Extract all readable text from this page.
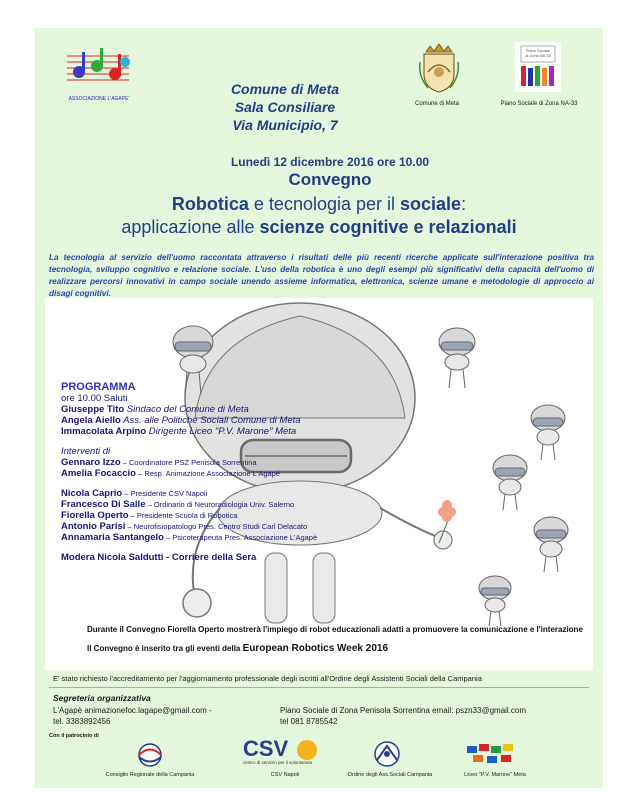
ASSOCIAZIONE L'AGAPE'
Comune di Meta
Sala Consiliare
Via Municipio, 7
Comune di Meta
Piano Sociale
di Zona NA 33
Piano Sociale di Zona NA-33
Lunedì 12 dicembre 2016 ore 10.00
Convegno
Robotica e tecnologia per il sociale:
applicazione alle scienze cognitive e relazionali
La tecnologia al servizio dell'uomo raccontata attraverso i risultati delle più recenti ricerche applicate sull'interazione positiva tra tecnologia, sviluppo cognitivo e relazione sociale. L'uso della robotica è uno degli esempi più significativi della capacità dell'uomo di realizzare percorsi innovativi in campo sociale unendo assieme informatica, elettronica, scienze umane e metodologie di approccio ai disagi cognitivi.
PROGRAMMA
ore 10.00 Saluti
Giuseppe Tito Sindaco del Comune di Meta
Angela Aiello Ass. alle Politiche Sociali Comune di Meta
Immacolata Arpino Dirigente Liceo "P.V. Marone" Meta
Interventi di
Gennaro Izzo – Coordinatore PSZ Penisola Sorrentina
Amelia Focaccio – Resp. Animazione Associazione L'Agapè
Nicola Caprio – Presidente CSV Napoli
Francesco Di Salle – Ordinario di Neuroradiologia Univ. Salerno
Fiorella Operto – Presidente Scuola di Robotica
Antonio Parisi – Neurofisiopatologo Pres. Centro Studi Carl Delacato
Annamaria Santangelo – Psicoterapeuta Pres. Associazione L'Agapè
Modera Nicola Saldutti - Corriere della Sera
Durante il Convegno Fiorella Operto mostrerà l'impiego di robot educazionali adatti a promuovere la comunicazione e l'interazione
Il Convegno è inserito tra gli eventi della European Robotics Week 2016
E' stato richiesto l'accreditamento per l'aggiornamento professionale degli iscritti all'Ordine degli Assistenti Sociali della Campania
Segreteria organizzativa
L'Agapè animazionefoc.lagape@gmail.com -
tel. 3383892456
Piano Sociale di Zona Penisola Sorrentina email: pszn33@gmail.com
tel 081 8785542
Con il patrocinio di
Consiglio Regionale della Campania
CSV
centro di servizio per il volontariato
CSV Napoli	Ordine degli Ass.Sociali Campania	Liceo "P.V. Marone" Meta
